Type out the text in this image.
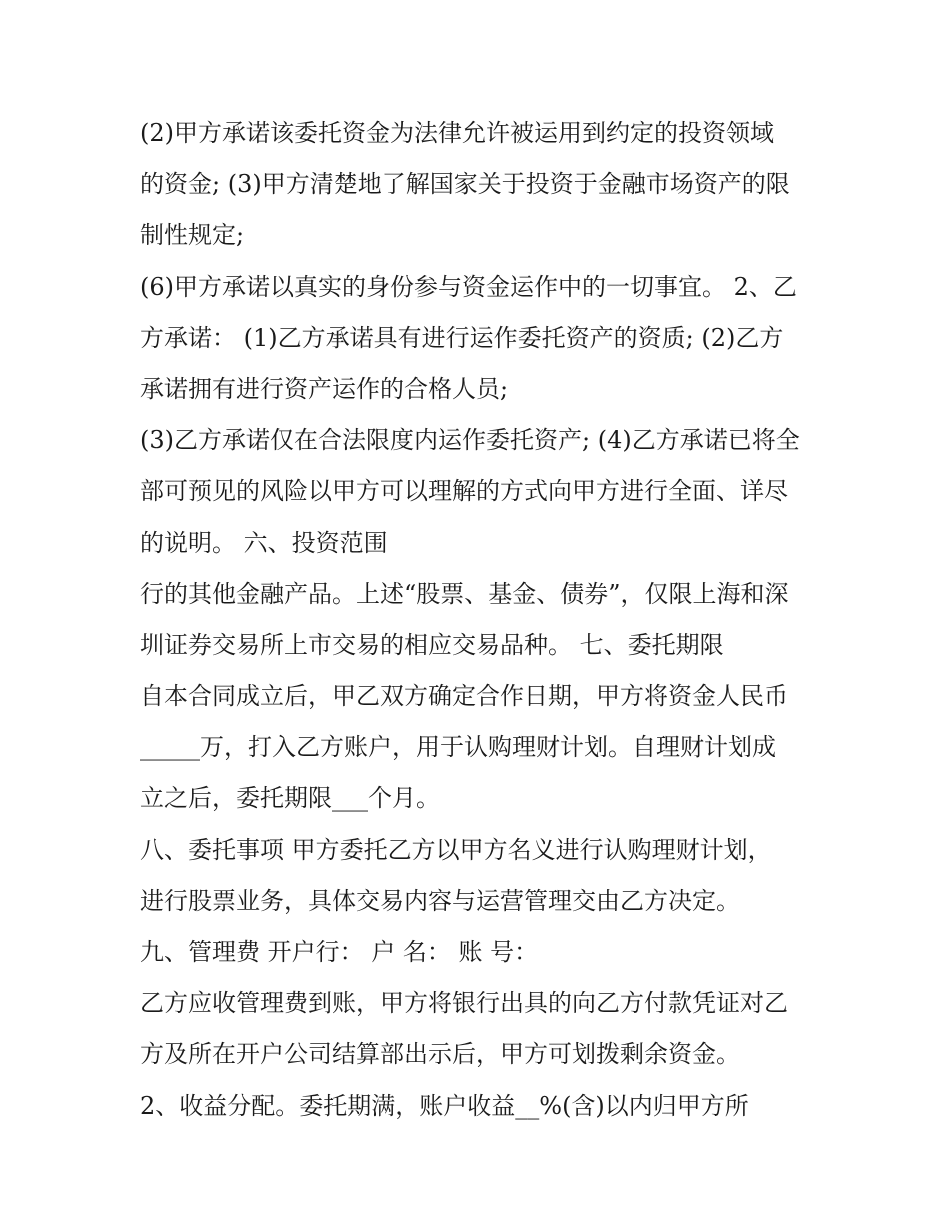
(2)甲方承诺该委托资金为法律允许被运用到约定的投资领域
的资金; (3)甲方清楚地了解国家关于投资于金融市场资产的限
制性规定;
(6)甲方承诺以真实的身份参与资金运作中的一切事宜。 2、乙
方承诺： (1)乙方承诺具有进行运作委托资产的资质; (2)乙方
承诺拥有进行资产运作的合格人员;
(3)乙方承诺仅在合法限度内运作委托资产; (4)乙方承诺已将全
部可预见的风险以甲方可以理解的方式向甲方进行全面、详尽
的说明。 六、投资范围
行的其他金融产品。上述“股票、基金、债券”，仅限上海和深
圳证券交易所上市交易的相应交易品种。 七、委托期限
自本合同成立后，甲乙双方确定合作日期，甲方将资金人民币
_____万，打入乙方账户，用于认购理财计划。自理财计划成
立之后，委托期限___个月。
八、委托事项 甲方委托乙方以甲方名义进行认购理财计划，
进行股票业务，具体交易内容与运营管理交由乙方决定。
九、管理费 开户行： 户 名： 账 号：
乙方应收管理费到账，甲方将银行出具的向乙方付款凭证对乙
方及所在开户公司结算部出示后，甲方可划拨剩余资金。
2、收益分配。委托期满，账户收益__%(含)以内归甲方所
